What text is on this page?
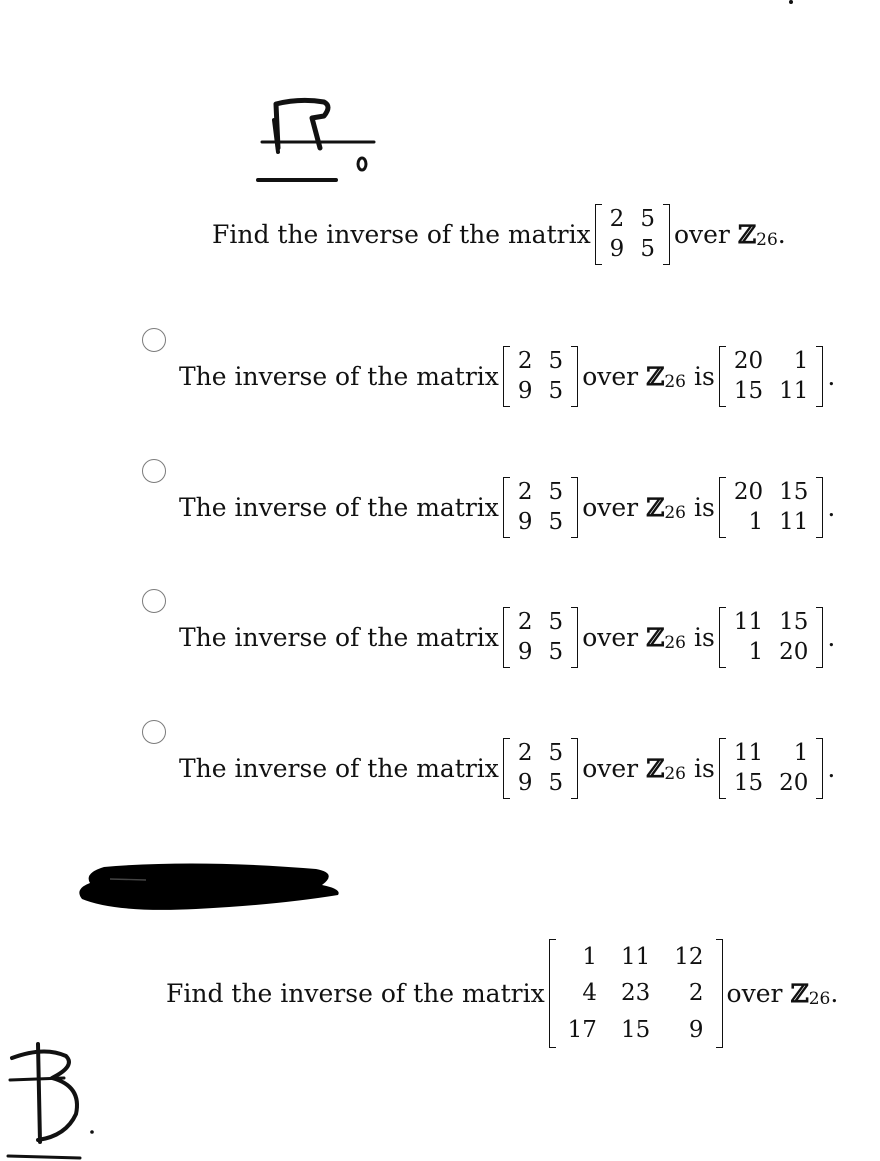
Find the inverse of the matrix
2	5
9	5
over ℤ 26 .
The inverse of the matrix
2	5
9	5
over ℤ 26 is
20	1
15	11
.
The inverse of the matrix
2	5
9	5
over ℤ 26 is
20	15
1	11
.
The inverse of the matrix
2	5
9	5
over ℤ 26 is
11	15
1	20
.
The inverse of the matrix
2	5
9	5
over ℤ 26 is
11	1
15	20
.
Find the inverse of the matrix
1	11	12
4	23	2
17	15	9
over ℤ 26 .
